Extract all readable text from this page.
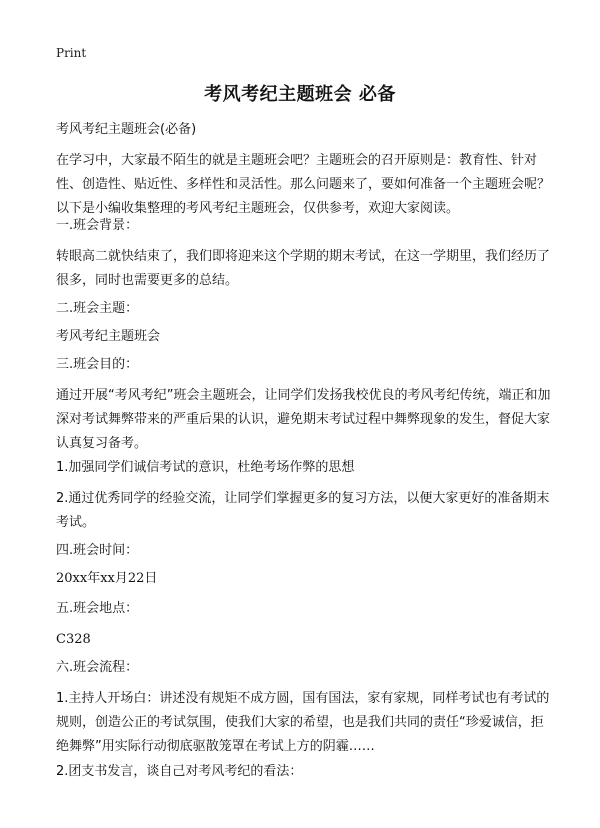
Print
考风考纪主题班会 必备
考风考纪主题班会(必备)
在学习中，大家最不陌生的就是主题班会吧？主题班会的召开原则是：教育性、针对性、创造性、贴近性、多样性和灵活性。那么问题来了，要如何准备一个主题班会呢？以下是小编收集整理的考风考纪主题班会，仅供参考，欢迎大家阅读。
一.班会背景：
转眼高二就快结束了，我们即将迎来这个学期的期末考试，在这一学期里，我们经历了很多，同时也需要更多的总结。
二.班会主题：
考风考纪主题班会
三.班会目的：
通过开展“考风考纪”班会主题班会，让同学们发扬我校优良的考风考纪传统，端正和加深对考试舞弊带来的严重后果的认识，避免期末考试过程中舞弊现象的发生，督促大家认真复习备考。
1.加强同学们诚信考试的意识，杜绝考场作弊的思想
2.通过优秀同学的经验交流，让同学们掌握更多的复习方法，以便大家更好的准备期末考试。
四.班会时间：
20xx年xx月22日
五.班会地点：
C328
六.班会流程：
1.主持人开场白：讲述没有规矩不成方圆，国有国法，家有家规，同样考试也有考试的规则，创造公正的考试氛围，使我们大家的希望，也是我们共同的责任“珍爱诚信，拒绝舞弊”用实际行动彻底驱散笼罩在考试上方的阴霾……
2.团支书发言，谈自己对考风考纪的看法：
